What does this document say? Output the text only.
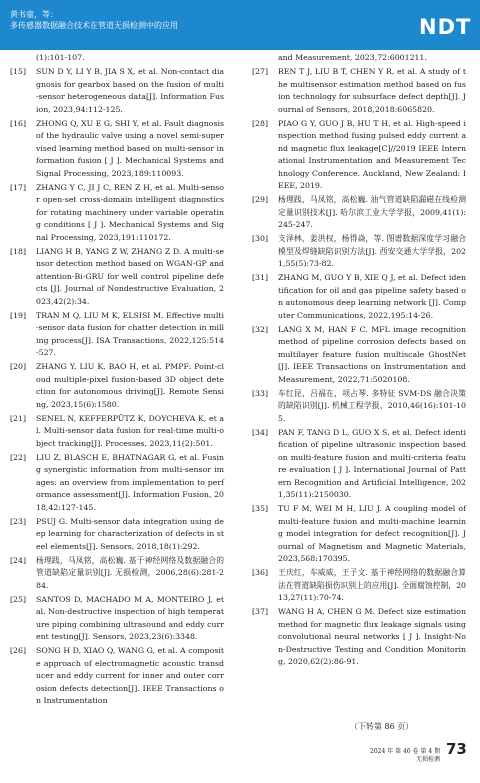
黄书童，等：
多传感器数据融合技术在管道无损检测中的应用	NDT
(1):101-107.
[15]	SUN D Y, LI Y B, JIA S X, et al. Non-contact diagnosis for gearbox based on the fusion of multi-sensor heterogeneous data[J]. Information Fusion, 2023,94:112-125.
[16]	ZHONG Q, XU E G, SHI Y, et al. Fault diagnosis of the hydraulic valve using a novel semi-supervised learning method based on multi-sensor information fusion [ J ]. Mechanical Systems and Signal Processing, 2023,189:110093.
[17]	ZHANG Y C, JI J C, REN Z H, et al. Multi-sensor open-set cross-domain intelligent diagnostics for rotating machinery under variable operating conditions [ J ]. Mechanical Systems and Signal Processing, 2023,191:110172.
[18]	LIANG H B, YANG Z W, ZHANG Z D. A multi-sensor detection method based on WGAN-GP and attention-Bi-GRU for well control pipeline defects [J]. Journal of Nondestructive Evaluation, 2023,42(2):34.
[19]	TRAN M Q, LIU M K, ELSISI M. Effective multi-sensor data fusion for chatter detection in milling process[J]. ISA Transactions, 2022,125:514-527.
[20]	ZHANG Y, LIU K, BAO H, et al. PMPF: Point-cloud multiple-pixel fusion-based 3D object detection for autonomous driving[J]. Remote Sensing, 2023,15(6):1580.
[21]	SENEL N, KEFFERPÜTZ K, DOYCHEVA K, et al. Multi-sensor data fusion for real-time multi-object tracking[J]. Processes, 2023,11(2):501.
[22]	LIU Z, BLASCH E, BHATNAGAR G, et al. Fusing synergistic information from multi-sensor images: an overview from implementation to performance assessment[J]. Information Fusion, 2018,42:127-145.
[23]	PSUJ G. Multi-sensor data integration using deep learning for characterization of defects in steel elements[J]. Sensors, 2018,18(1):292.
[24]	杨理践，马凤铭，高松巍. 基于神经网络及数据融合的管道缺陷定量识别[J]. 无损检测，2006,28(6):281-284.
[25]	SANTOS D, MACHADO M A, MONTEIRO J, et al. Non-destructive inspection of high temperature piping combining ultrasound and eddy current testing[J]. Sensors, 2023,23(6):3348.
[26]	SONG H D, XIAO Q, WANG G, et al. A composite approach of electromagnetic acoustic transducer and eddy current for inner and outer corrosion defects detection[J]. IEEE Transactions on Instrumentation
and Measurement, 2023,72:6001211.
[27]	REN T J, LIU B T, CHEN Y R, et al. A study of the multisensor estimation method based on fusion technology for subsurface defect depth[J]. Journal of Sensors, 2018,2018:6065820.
[28]	PIAO G Y, GUO J B, HU T H, et al. High-speed inspection method fusing pulsed eddy current and magnetic flux leakage[C]//2019 IEEE International Instrumentation and Measurement Technology Conference. Auckland, New Zealand: IEEE, 2019.
[29]	杨理践，马凤铭，高松巍. 油气管道缺陷漏磁在线检测定量识别技术[J]. 哈尔滨工业大学学报，2009,41(1):245-247.
[30]	支泽林，姜洪权，杨得焱，等. 图谱数据深度学习融合模型及焊缝缺陷识别方法[J]. 西安交通大学学报，2021,55(5):73-82.
[31]	ZHANG M, GUO Y B, XIE Q J, et al. Defect identification for oil and gas pipeline safety based on autonomous deep learning network [J]. Computer Communications, 2022,195:14-26.
[32]	LANG X M, HAN F C. MFL image recognition method of pipeline corrosion defects based on multilayer feature fusion multiscale GhostNet[J]. IEEE Transactions on Instrumentation and Measurement, 2022,71:5020108.
[33]	车红昆，吕福在，项占琴. 多特征 SVM-DS 融合决策的缺陷识别[J]. 机械工程学报，2010,46(16):101-105.
[34]	PAN F, TANG D L, GUO X S, et al. Defect identification of pipeline ultrasonic inspection based on multi-feature fusion and multi-criteria feature evaluation [ J ]. International Journal of Pattern Recognition and Artificial Intelligence, 2021,35(11):2150030.
[35]	TU F M, WEI M H, LIU J. A coupling model of multi-feature fusion and multi-machine learning model integration for defect recognition[J]. Journal of Magnetism and Magnetic Materials, 2023,568:170395.
[36]	王庆红，车威威，王子文. 基于神经网络的数据融合算法在管道缺陷损伤识别上的应用[J]. 全面腐蚀控制，2013,27(11):70-74.
[37]	WANG H A, CHEN G M. Defect size estimation method for magnetic flux leakage signals using convolutional neural networks [ J ]. Insight-Non-Destructive Testing and Condition Monitoring, 2020,62(2):86-91.
（下转第 86 页）
2024 年 第 46 卷 第 4 期
无损检测
73
